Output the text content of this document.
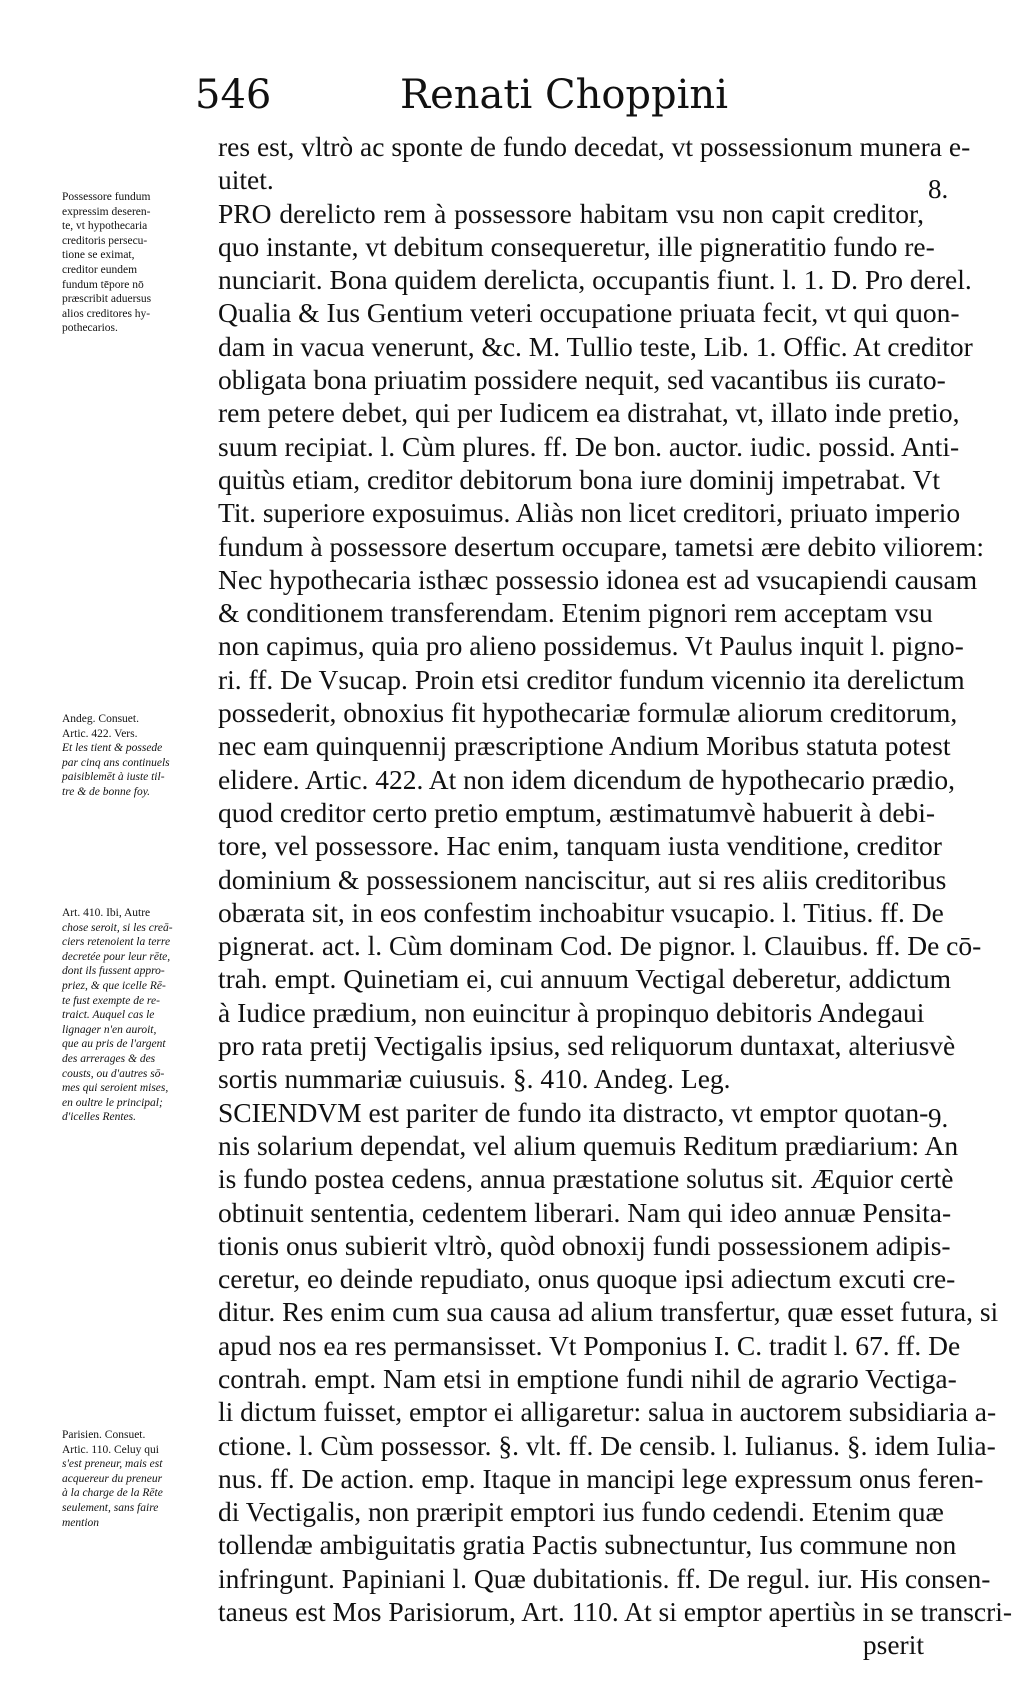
546	Renati Choppini
8.
9.
Possessore fundum
expressim deseren-
te, vt hypothecaria
creditoris persecu-
tione se eximat,
creditor eundem
fundum tēpore nō
præscribit aduersus
alios creditores hy-
pothecarios.
Andeg. Consuet.
Artic. 422. Vers.
Et les tient & possede
par cinq ans continuels
paisiblemēt à iuste til-
tre & de bonne foy.
Art. 410. Ibi, Autre
chose seroit, si les creā-
ciers retenoient la terre
decretée pour leur rēte,
dont ils fussent appro-
priez, & que icelle Rē-
te fust exempte de re-
traict. Auquel cas le
lignager n'en auroit,
que au pris de l'argent
des arrerages & des
cousts, ou d'autres sō-
mes qui seroient mises,
en oultre le principal;
d'icelles Rentes.
Parisien. Consuet.
Artic. 110. Celuy qui
s'est preneur, mais est
acquereur du preneur
à la charge de la Rēte
seulement, sans faire
mention
res est, vltrò ac sponte de fundo decedat, vt possessionum munera e-
uitet.
PRO derelicto rem à possessore habitam vsu non capit creditor,
quo instante, vt debitum consequeretur, ille pigneratitio fundo re-
nunciarit. Bona quidem derelicta, occupantis fiunt. l. 1. D. Pro derel.
Qualia & Ius Gentium veteri occupatione priuata fecit, vt qui quon-
dam in vacua venerunt, &c. M. Tullio teste, Lib. 1. Offic. At creditor
obligata bona priuatim possidere nequit, sed vacantibus iis curato-
rem petere debet, qui per Iudicem ea distrahat, vt, illato inde pretio,
suum recipiat. l. Cùm plures. ff. De bon. auctor. iudic. possid. Anti-
quitùs etiam, creditor debitorum bona iure dominij impetrabat. Vt
Tit. superiore exposuimus. Aliàs non licet creditori, priuato imperio
fundum à possessore desertum occupare, tametsi ære debito viliorem:
Nec hypothecaria isthæc possessio idonea est ad vsucapiendi causam
& conditionem transferendam. Etenim pignori rem acceptam vsu
non capimus, quia pro alieno possidemus. Vt Paulus inquit l. pigno-
ri. ff. De Vsucap. Proin etsi creditor fundum vicennio ita derelictum
possederit, obnoxius fit hypothecariæ formulæ aliorum creditorum,
nec eam quinquennij præscriptione Andium Moribus statuta potest
elidere. Artic. 422. At non idem dicendum de hypothecario prædio,
quod creditor certo pretio emptum, æstimatumvè habuerit à debi-
tore, vel possessore. Hac enim, tanquam iusta venditione, creditor
dominium & possessionem nanciscitur, aut si res aliis creditoribus
obærata sit, in eos confestim inchoabitur vsucapio. l. Titius. ff. De
pignerat. act. l. Cùm dominam Cod. De pignor. l. Clauibus. ff. De cō-
trah. empt. Quinetiam ei, cui annuum Vectigal deberetur, addictum
à Iudice prædium, non euincitur à propinquo debitoris Andegaui
pro rata pretij Vectigalis ipsius, sed reliquorum duntaxat, alteriusvè
sortis nummariæ cuiusuis. §. 410. Andeg. Leg.
SCIENDVM est pariter de fundo ita distracto, vt emptor quotan-
nis solarium dependat, vel alium quemuis Reditum prædiarium: An
is fundo postea cedens, annua præstatione solutus sit. Æquior certè
obtinuit sententia, cedentem liberari. Nam qui ideo annuæ Pensita-
tionis onus subierit vltrò, quòd obnoxij fundi possessionem adipis-
ceretur, eo deinde repudiato, onus quoque ipsi adiectum excuti cre-
ditur. Res enim cum sua causa ad alium transfertur, quæ esset futura, si
apud nos ea res permansisset. Vt Pomponius I. C. tradit l. 67. ff. De
contrah. empt. Nam etsi in emptione fundi nihil de agrario Vectiga-
li dictum fuisset, emptor ei alligaretur: salua in auctorem subsidiaria a-
ctione. l. Cùm possessor. §. vlt. ff. De censib. l. Iulianus. §. idem Iulia-
nus. ff. De action. emp. Itaque in mancipi lege expressum onus feren-
di Vectigalis, non præripit emptori ius fundo cedendi. Etenim quæ
tollendæ ambiguitatis gratia Pactis subnectuntur, Ius commune non
infringunt. Papiniani l. Quæ dubitationis. ff. De regul. iur. His consen-
taneus est Mos Parisiorum, Art. 110. At si emptor apertiùs in se transcri-
pserit
